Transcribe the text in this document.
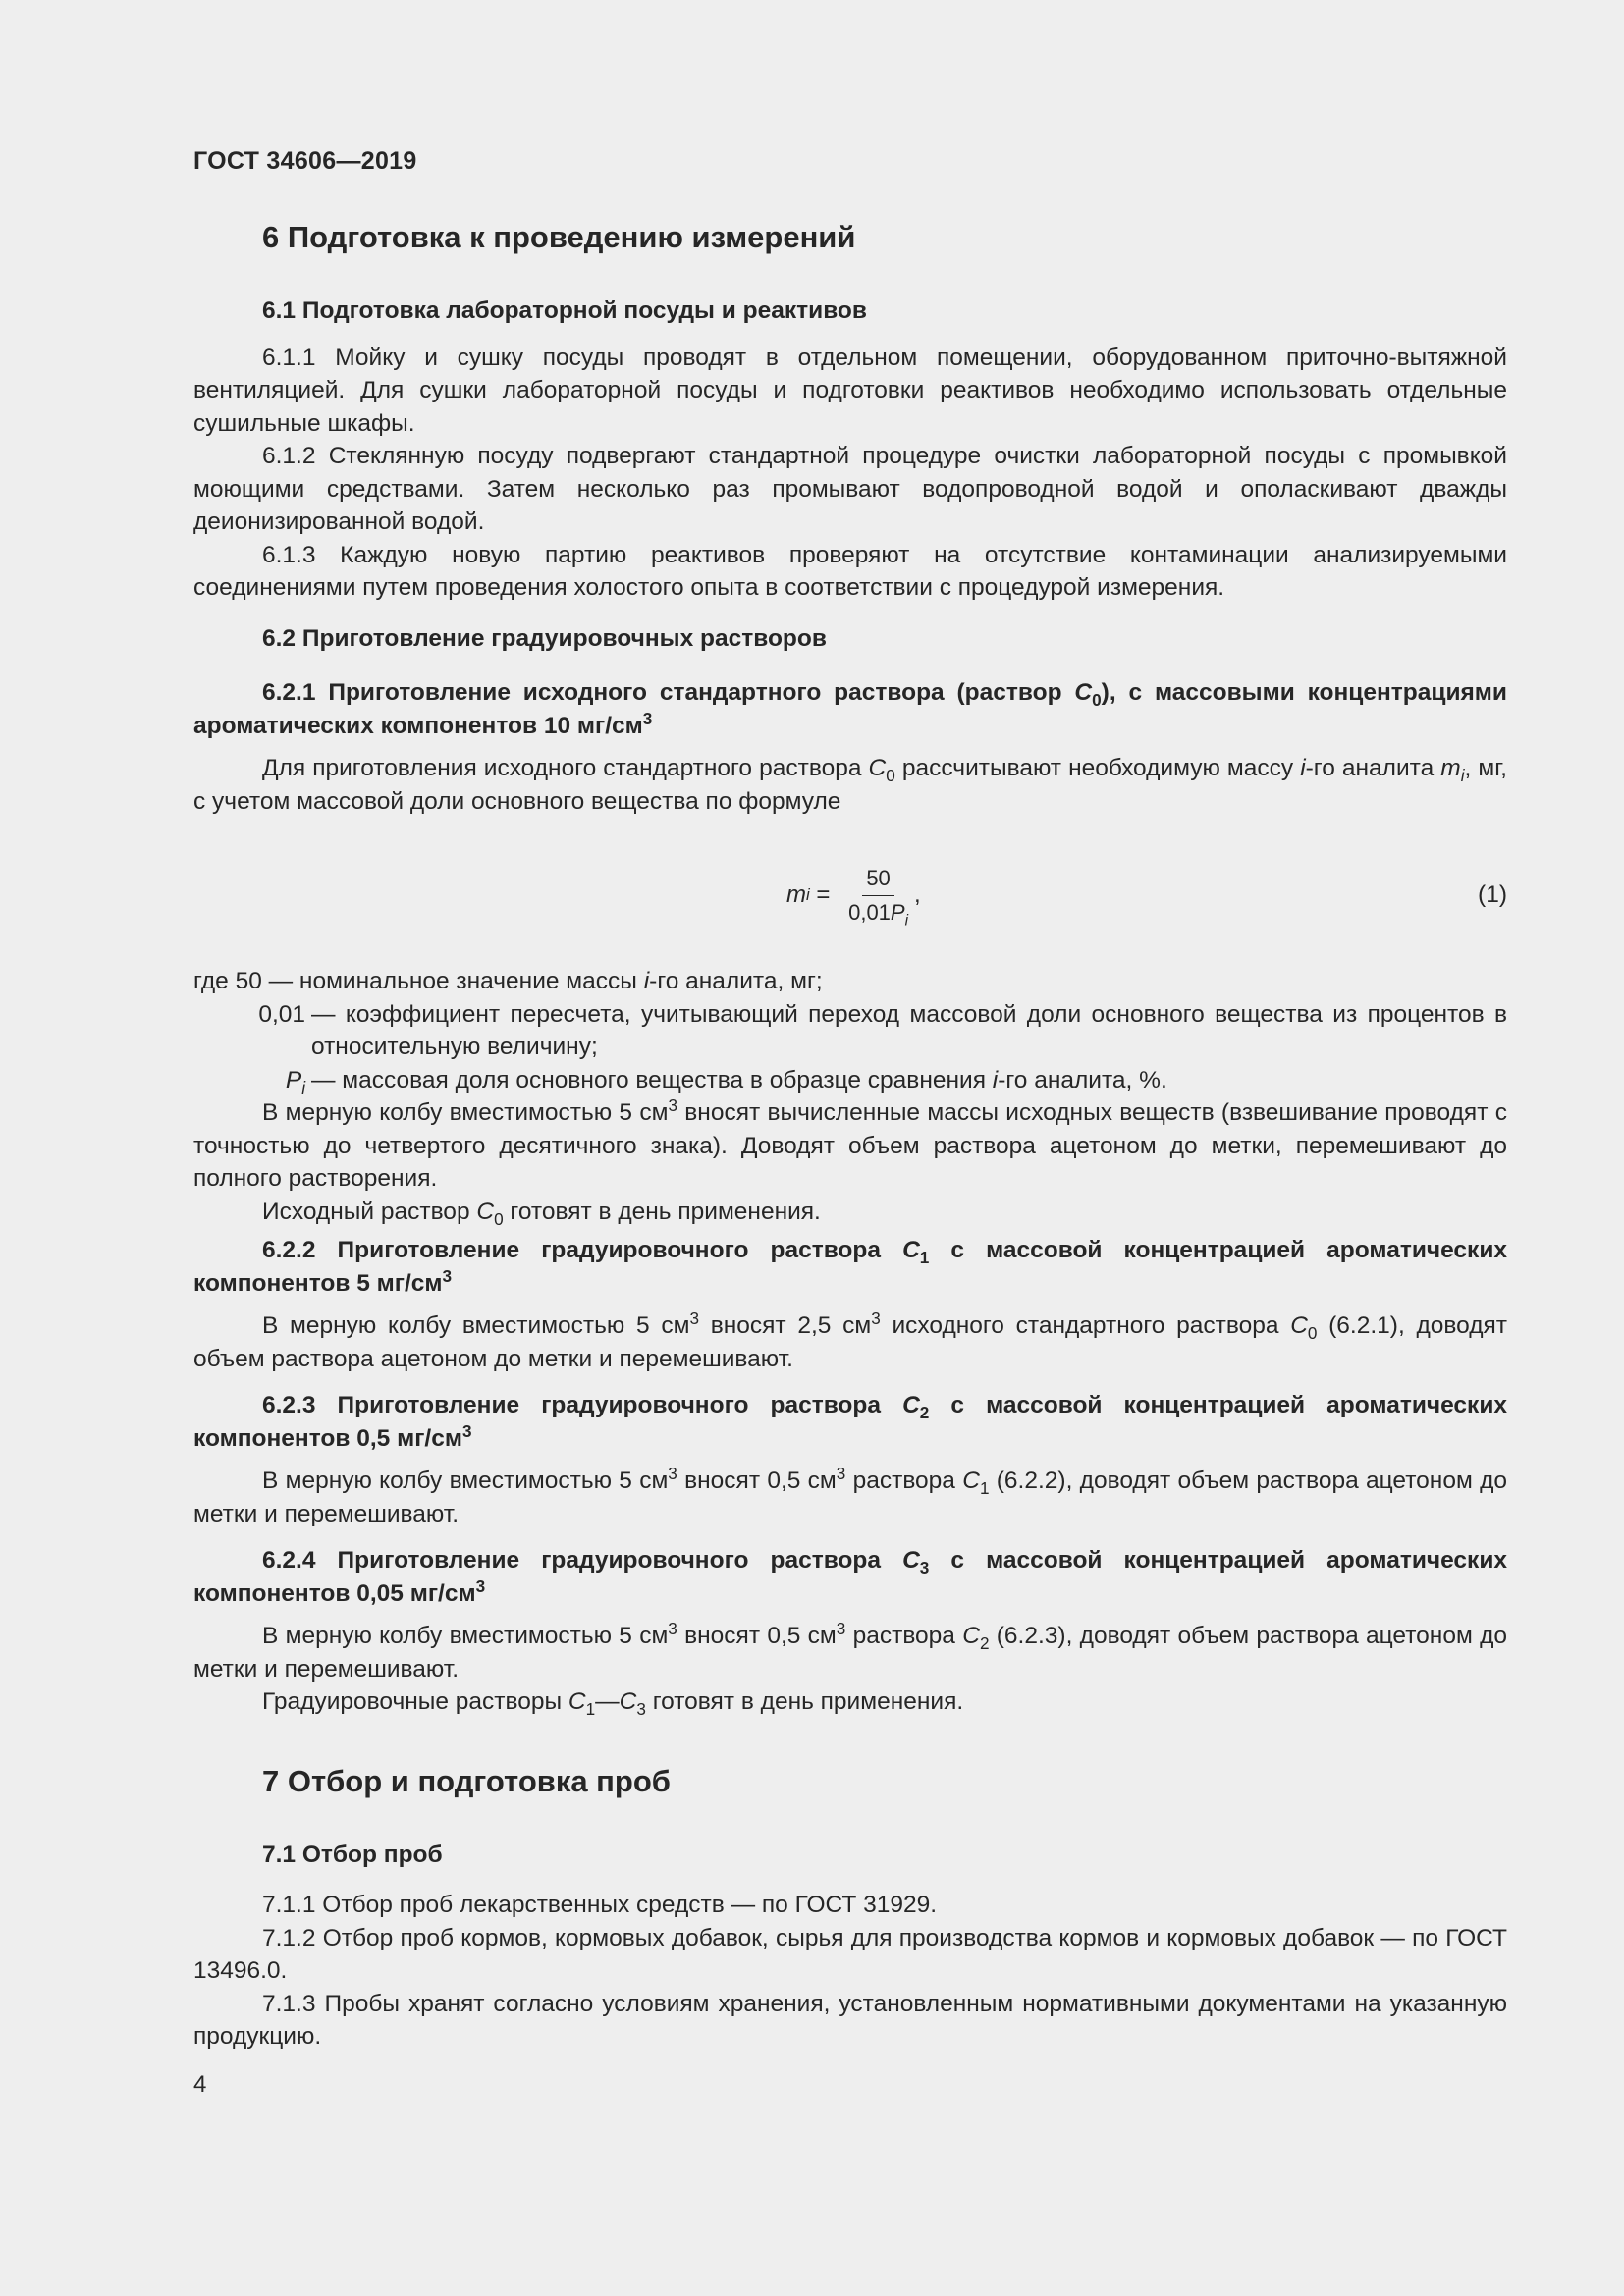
ГОСТ 34606—2019
6 Подготовка к проведению измерений
6.1 Подготовка лабораторной посуды и реактивов

6.1.1 Мойку и сушку посуды проводят в отдельном помещении, оборудованном приточно-вытяжной вентиляцией. Для сушки лабораторной посуды и подготовки реактивов необходимо использовать отдельные сушильные шкафы.

6.1.2 Стеклянную посуду подвергают стандартной процедуре очистки лабораторной посуды с промывкой моющими средствами. Затем несколько раз промывают водопроводной водой и ополаскивают дважды деионизированной водой.

6.1.3 Каждую новую партию реактивов проверяют на отсутствие контаминации анализируемыми соединениями путем проведения холостого опыта в соответствии с процедурой измерения.

6.2 Приготовление градуировочных растворов
6.2.1 Приготовление исходного стандартного раствора (раствор $C_0$), с массовыми концентрациями ароматических компонентов 10 $мг/см^3$

Для приготовления исходного стандартного раствора $C_0$ рассчитывают необходимую массу i-го аналита $m_i$, мг, с учетом массовой доли основного вещества по формуле

m $i = \frac{50}{0,01P_i}$ ,	(1)

где 50 — номинальное значение массы i-го аналита, мг;

0,01 — коэффициент пересчета, учитывающий переход массовой доли основного вещества из процентов в относительную величину;
$P_i$ — массовая доля основного вещества в образце сравнения i-го аналита, %.

В мерную колбу вместимостью 5 $см^3$ вносят вычисленные массы исходных веществ (взвешивание проводят с точностью до четвертого десятичного знака). Доводят объем раствора ацетоном до метки, перемешивают до полного растворения.

Исходный раствор $C_0$ готовят в день применения.

6.2.2 Приготовление градуировочного раствора $C_1$ с массовой концентрацией ароматических компонентов 5 $мг/см^3$

В мерную колбу вместимостью 5 $см^3$ вносят 2,5 $см^3$ исходного стандартного раствора $C_0$ (6.2.1), доводят объем раствора ацетоном до метки и перемешивают.

6.2.3 Приготовление градуировочного раствора $C_2$ с массовой концентрацией ароматических компонентов 0,5 $мг/см^3$

В мерную колбу вместимостью 5 $см^3$ вносят 0,5 $см^3$ раствора $C_1$ (6.2.2), доводят объем раствора ацетоном до метки и перемешивают.

6.2.4 Приготовление градуировочного раствора $C_3$ с массовой концентрацией ароматических компонентов 0,05 $мг/см^3$

В мерную колбу вместимостью 5 $см^3$ вносят 0,5 $см^3$ раствора $C_2$ (6.2.3), доводят объем раствора ацетоном до метки и перемешивают.

Градуировочные растворы $C_1—C_3$ готовят в день применения.

7 Отбор и подготовка проб
7.1 Отбор проб

7.1.1 Отбор проб лекарственных средств — по ГОСТ 31929.

7.1.2 Отбор проб кормов, кормовых добавок, сырья для производства кормов и кормовых добавок — по ГОСТ 13496.0.

7.1.3 Пробы хранят согласно условиям хранения, установленным нормативными документами на указанную продукцию.

4
